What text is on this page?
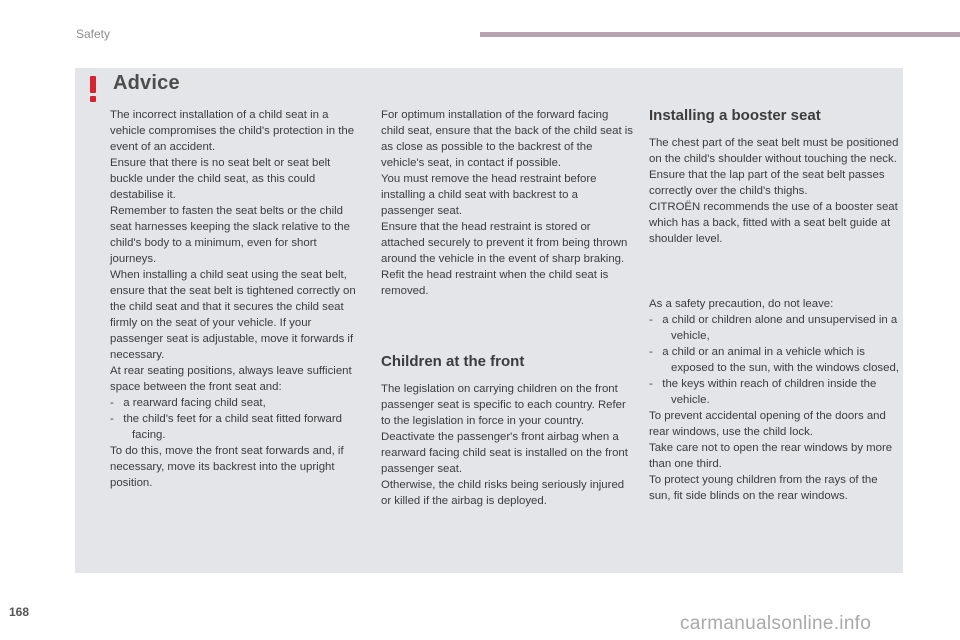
Safety
Advice

The incorrect installation of a child seat in a vehicle compromises the child's protection in the event of an accident.

Ensure that there is no seat belt or seat belt buckle under the child seat, as this could destabilise it.

Remember to fasten the seat belts or the child seat harnesses keeping the slack relative to the child's body to a minimum, even for short journeys.

When installing a child seat using the seat belt, ensure that the seat belt is tightened correctly on the child seat and that it secures the child seat firmly on the seat of your vehicle. If your passenger seat is adjustable, move it forwards if necessary.

At rear seating positions, always leave sufficient space between the front seat and:

-   a rearward facing child seat,

-   the child's feet for a child seat fitted forward facing.

To do this, move the front seat forwards and, if necessary, move its backrest into the upright position.

For optimum installation of the forward facing child seat, ensure that the back of the child seat is as close as possible to the backrest of the vehicle's seat, in contact if possible.

You must remove the head restraint before installing a child seat with backrest to a passenger seat.

Ensure that the head restraint is stored or attached securely to prevent it from being thrown around the vehicle in the event of sharp braking. Refit the head restraint when the child seat is removed.

Children at the front

The legislation on carrying children on the front passenger seat is specific to each country. Refer to the legislation in force in your country.

Deactivate the passenger's front airbag when a rearward facing child seat is installed on the front passenger seat.

Otherwise, the child risks being seriously injured or killed if the airbag is deployed.

Installing a booster seat

The chest part of the seat belt must be positioned on the child's shoulder without touching the neck.

Ensure that the lap part of the seat belt passes correctly over the child's thighs.

CITROËN recommends the use of a booster seat which has a back, fitted with a seat belt guide at shoulder level.

As a safety precaution, do not leave:

-   a child or children alone and unsupervised in a vehicle,

-   a child or an animal in a vehicle which is exposed to the sun, with the windows closed,

-   the keys within reach of children inside the vehicle.

To prevent accidental opening of the doors and rear windows, use the child lock.

Take care not to open the rear windows by more than one third.

To protect young children from the rays of the sun, fit side blinds on the rear windows.

168
carmanualsonline.info
